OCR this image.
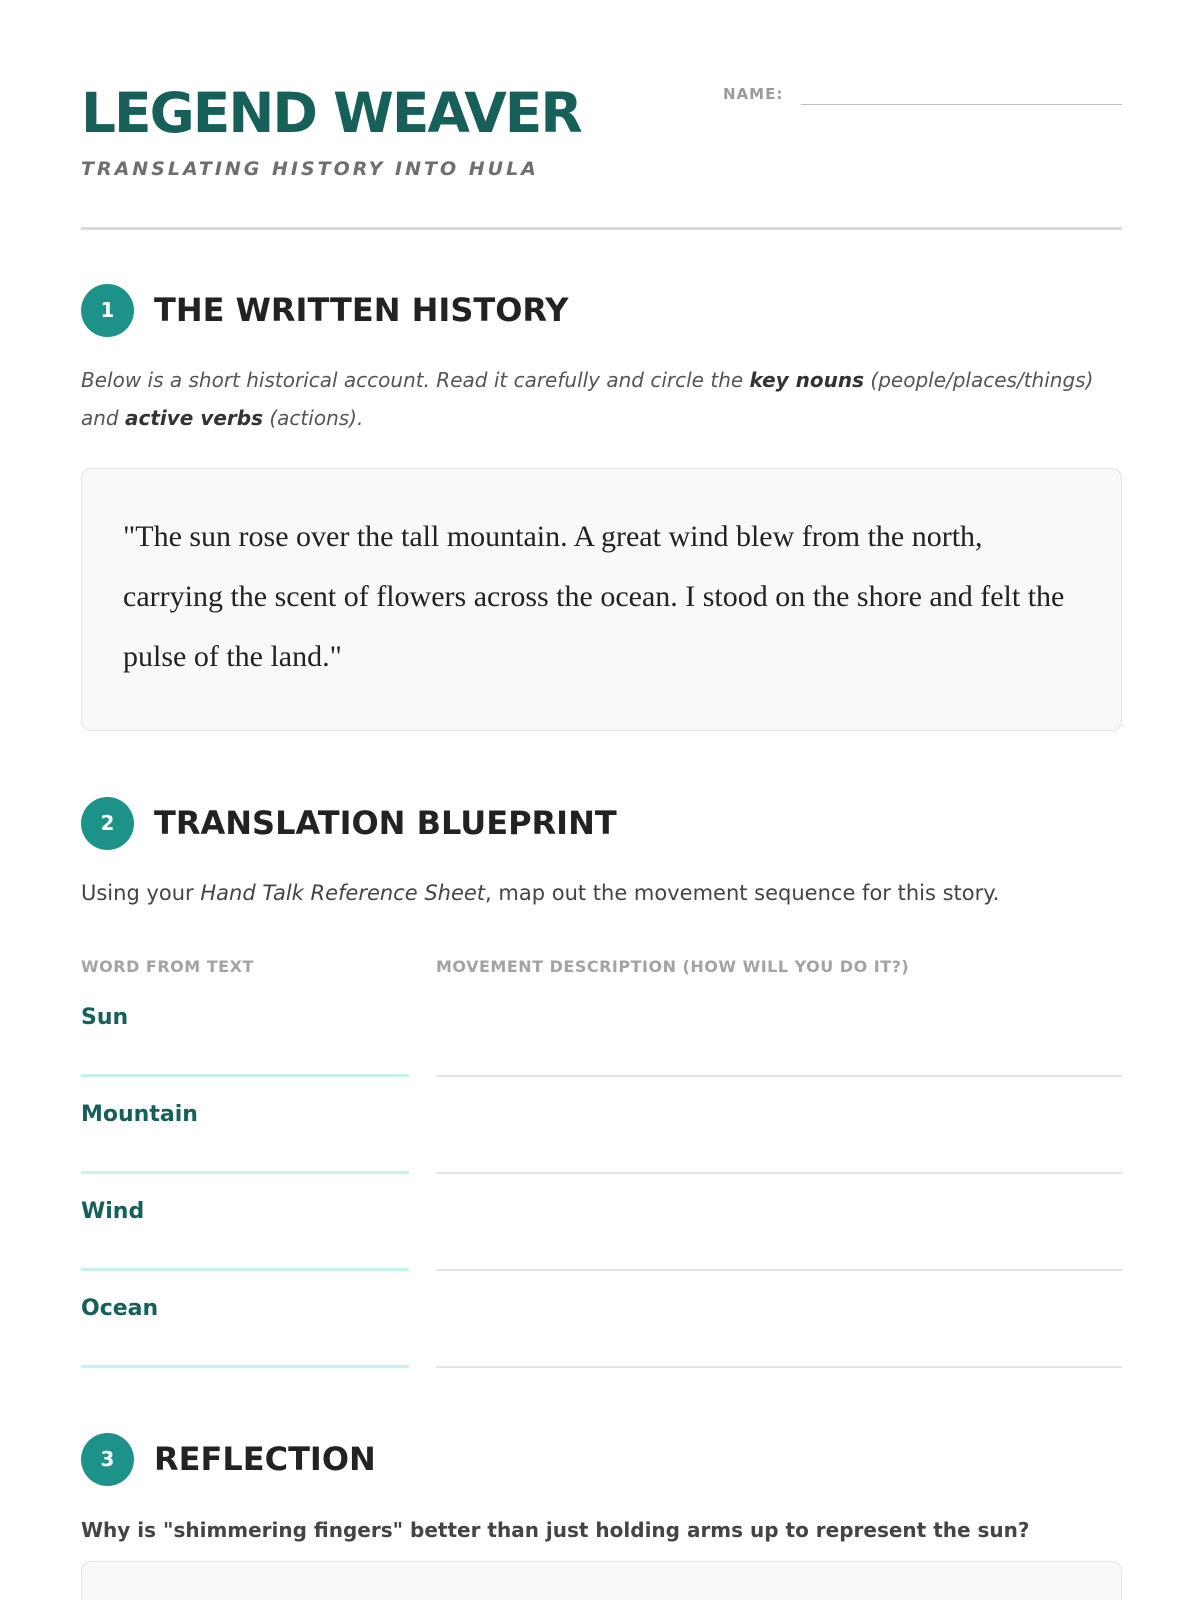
LEGEND WEAVER
TRANSLATING HISTORY INTO HULA
NAME:
1	THE WRITTEN HISTORY
Below is a short historical account. Read it carefully and circle the key nouns (people/places/things) and active verbs (actions).
"The sun rose over the tall mountain. A great wind blew from the north, carrying the scent of flowers across the ocean. I stood on the shore and felt the pulse of the land."
2	TRANSLATION BLUEPRINT
Using your Hand Talk Reference Sheet, map out the movement sequence for this story.
WORD FROM TEXT	MOVEMENT DESCRIPTION (HOW WILL YOU DO IT?)
Sun
Mountain
Wind
Ocean
3	REFLECTION
Why is "shimmering fingers" better than just holding arms up to represent the sun?
